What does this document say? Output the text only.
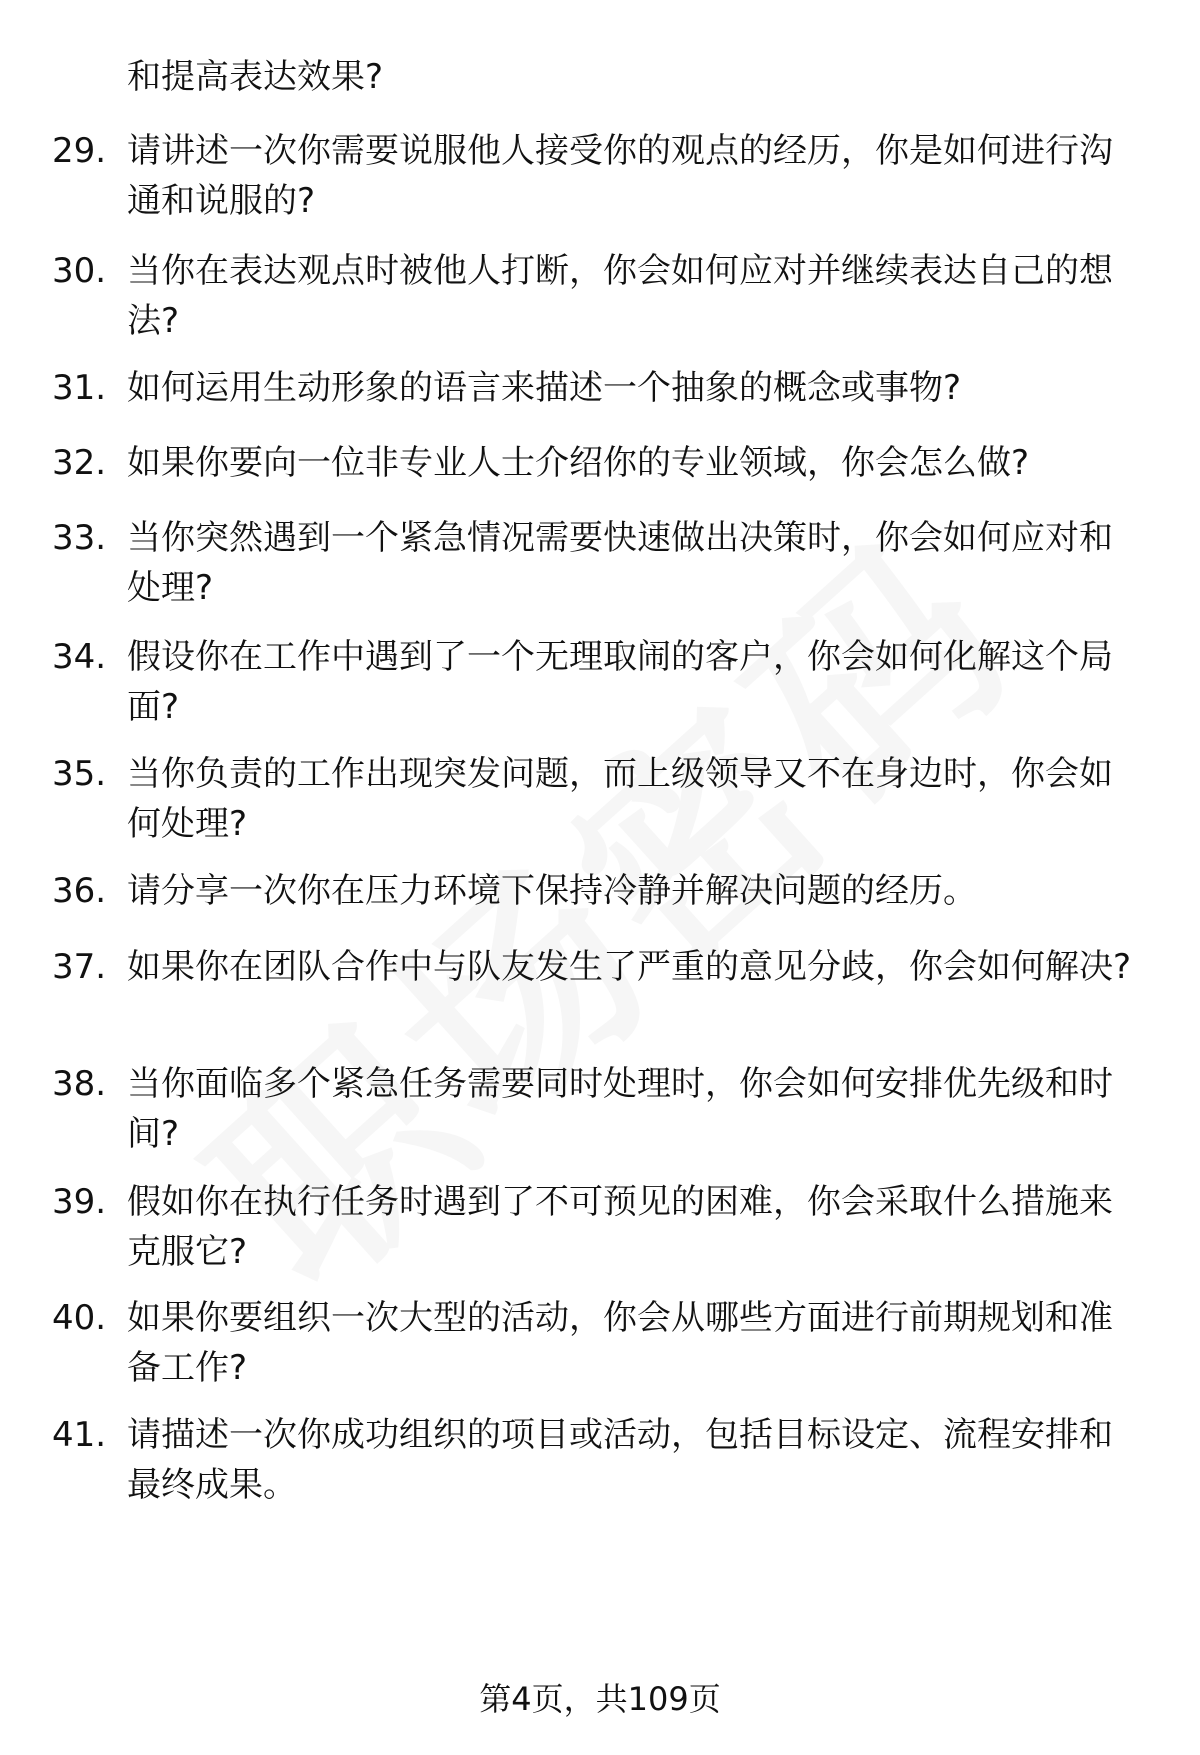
和提高表达效果?
29. 请讲述一次你需要说服他人接受你的观点的经历，你是如何进行沟通和说服的?
30. 当你在表达观点时被他人打断，你会如何应对并继续表达自己的想法?
31. 如何运用生动形象的语言来描述一个抽象的概念或事物?
32. 如果你要向一位非专业人士介绍你的专业领域，你会怎么做?
33. 当你突然遇到一个紧急情况需要快速做出决策时，你会如何应对和处理?
34. 假设你在工作中遇到了一个无理取闹的客户，你会如何化解这个局面?
35. 当你负责的工作出现突发问题，而上级领导又不在身边时，你会如何处理?
36. 请分享一次你在压力环境下保持冷静并解决问题的经历。
37. 如果你在团队合作中与队友发生了严重的意见分歧，你会如何解决?
38. 当你面临多个紧急任务需要同时处理时，你会如何安排优先级和时间?
39. 假如你在执行任务时遇到了不可预见的困难，你会采取什么措施来克服它?
40. 如果你要组织一次大型的活动，你会从哪些方面进行前期规划和准备工作?
41. 请描述一次你成功组织的项目或活动，包括目标设定、流程安排和最终成果。
第4页，共109页
